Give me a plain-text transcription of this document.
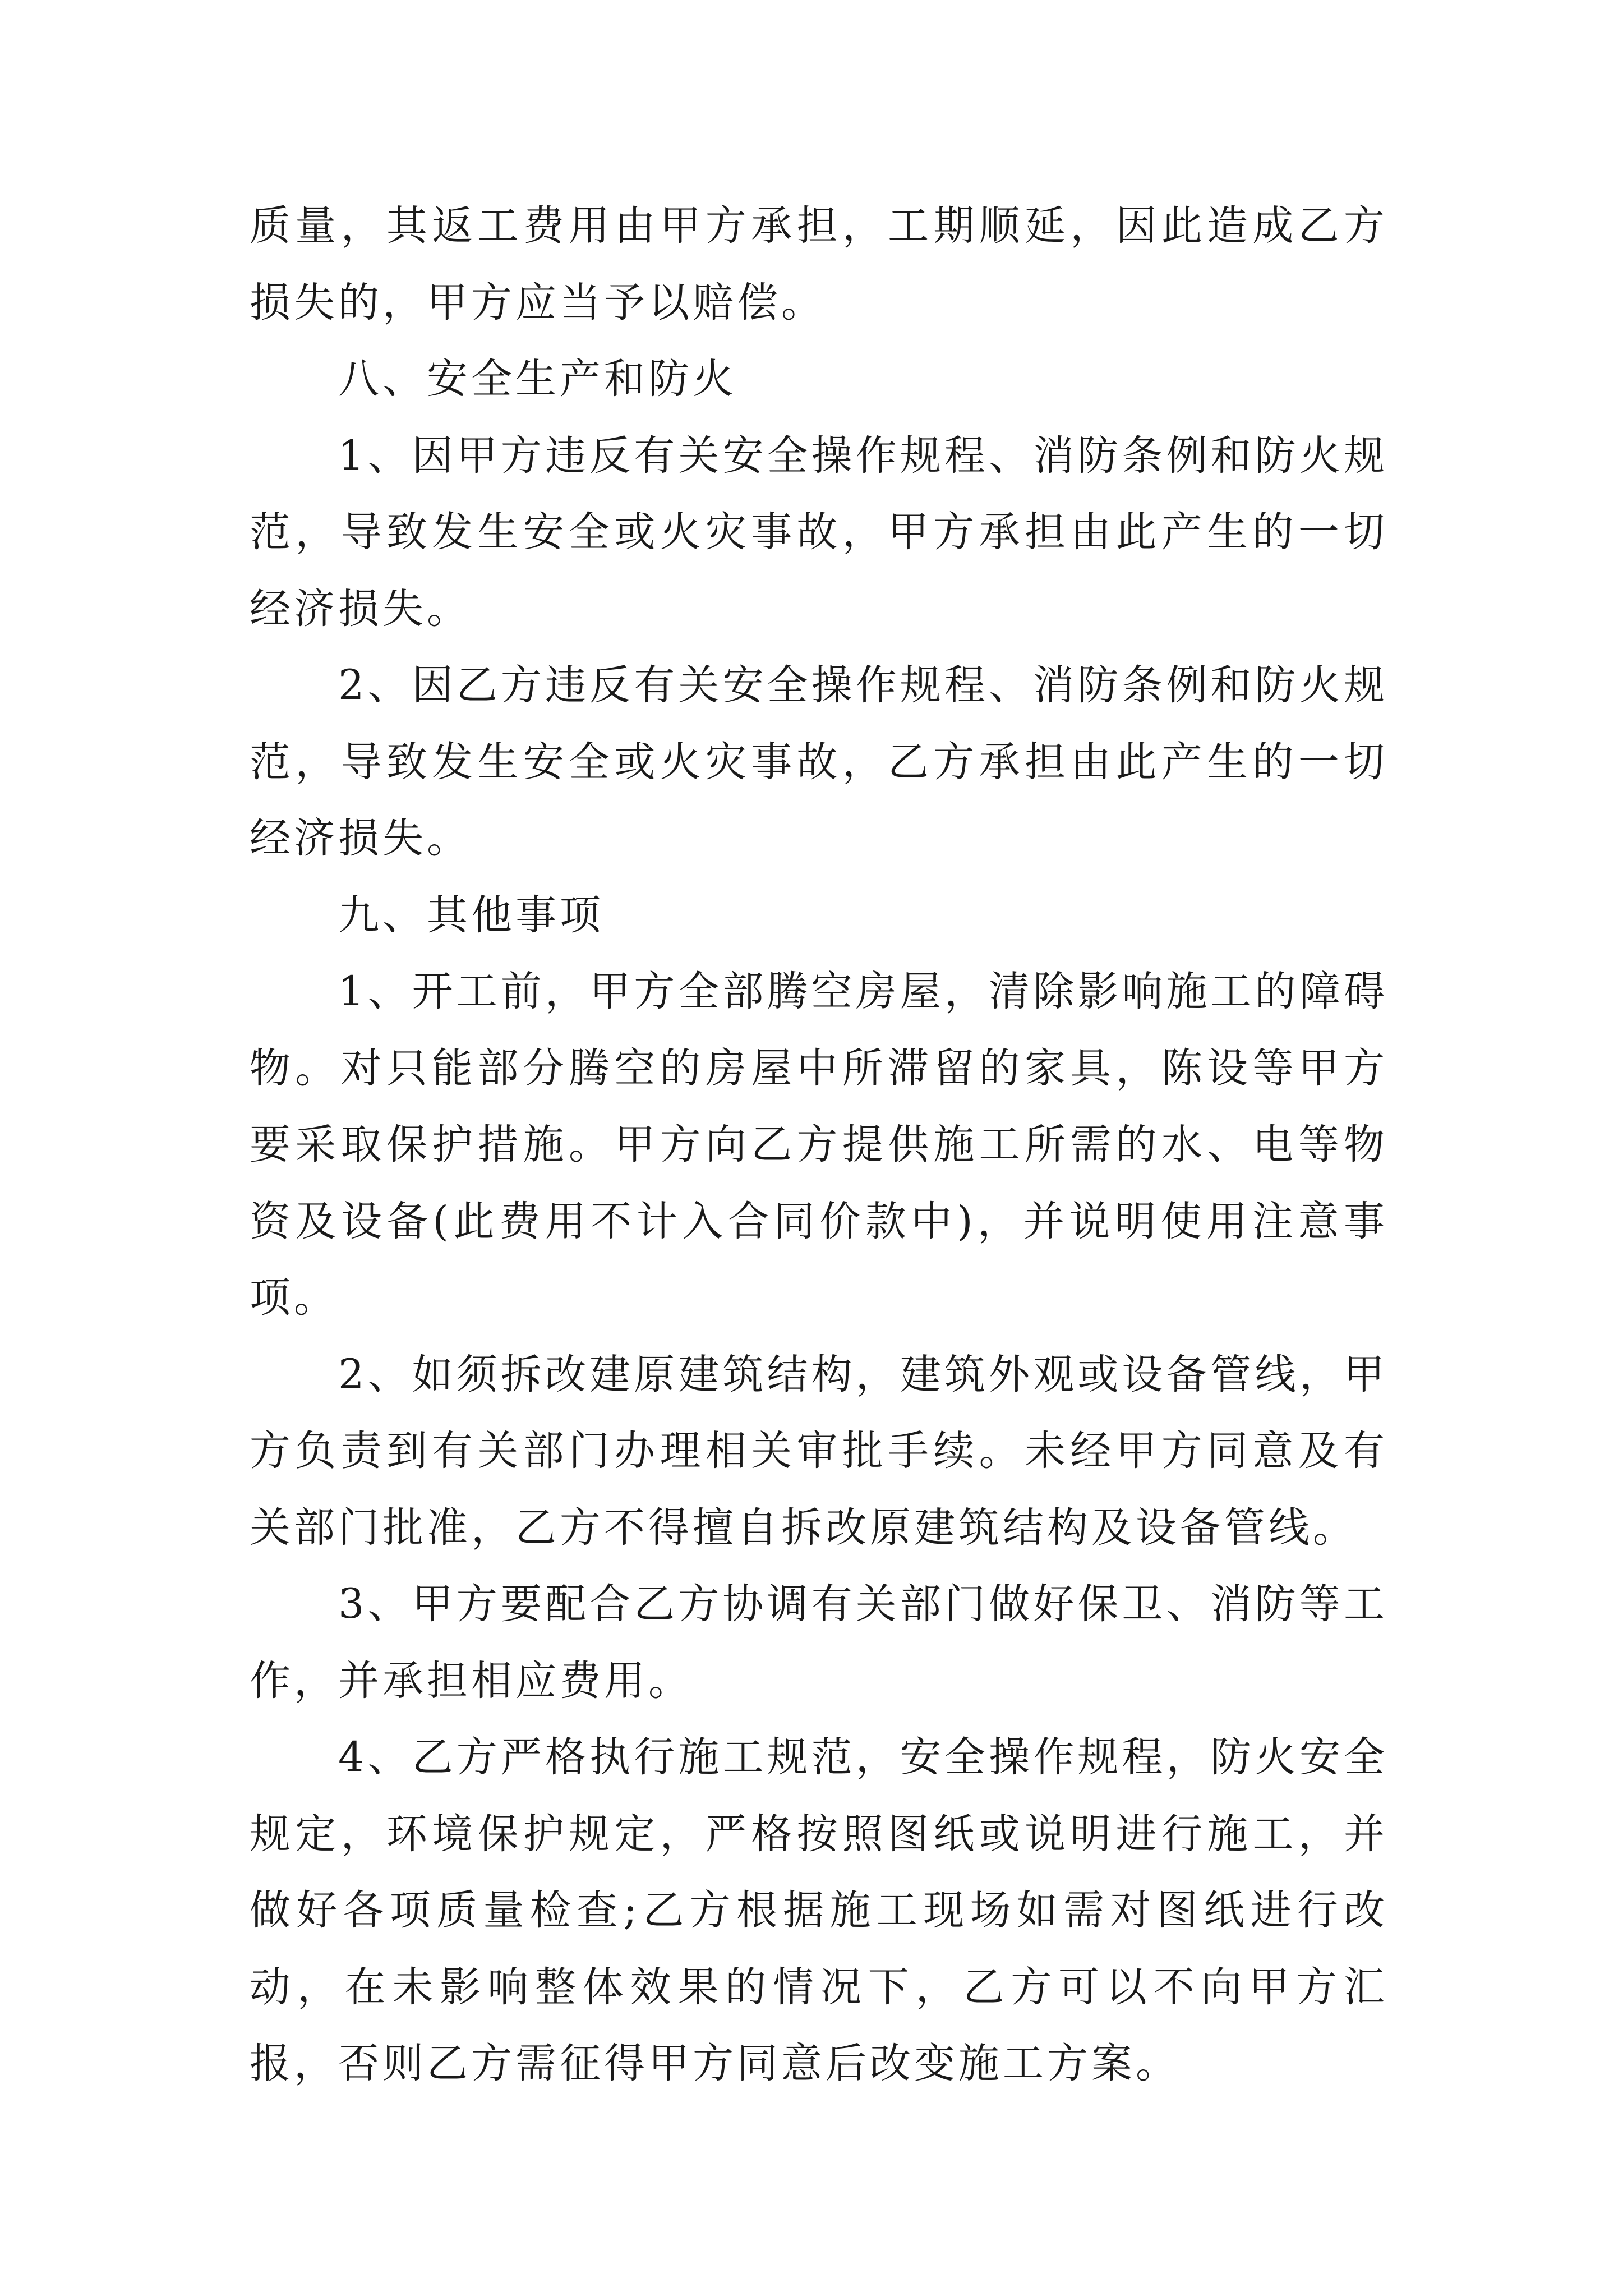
质量，其返工费用由甲方承担，工期顺延，因此造成乙方损失的，甲方应当予以赔偿。

八、安全生产和防火

1、因甲方违反有关安全操作规程、消防条例和防火规范，导致发生安全或火灾事故，甲方承担由此产生的一切经济损失。

2、因乙方违反有关安全操作规程、消防条例和防火规范，导致发生安全或火灾事故，乙方承担由此产生的一切经济损失。

九、其他事项

1、开工前，甲方全部腾空房屋，清除影响施工的障碍物。对只能部分腾空的房屋中所滞留的家具，陈设等甲方要采取保护措施。甲方向乙方提供施工所需的水、电等物资及设备(此费用不计入合同价款中)，并说明使用注意事项。

2、如须拆改建原建筑结构，建筑外观或设备管线，甲方负责到有关部门办理相关审批手续。未经甲方同意及有关部门批准，乙方不得擅自拆改原建筑结构及设备管线。

3、甲方要配合乙方协调有关部门做好保卫、消防等工作，并承担相应费用。

4、乙方严格执行施工规范，安全操作规程，防火安全规定，环境保护规定，严格按照图纸或说明进行施工，并做好各项质量检查;乙方根据施工现场如需对图纸进行改动，在未影响整体效果的情况下，乙方可以不向甲方汇报，否则乙方需征得甲方同意后改变施工方案。
